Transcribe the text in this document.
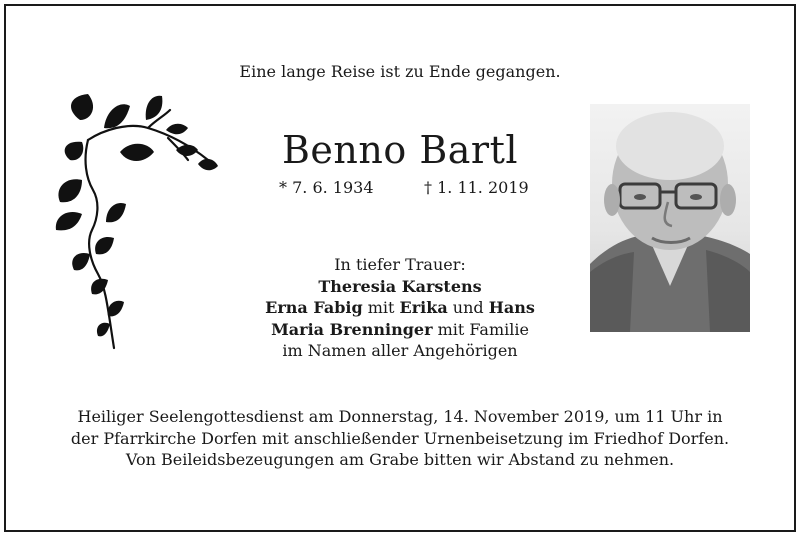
Eine lange Reise ist zu Ende gegangen.
Benno Bartl
* 7. 6. 1934	† 1. 11. 2019
In tiefer Trauer:
Theresia Karstens
Erna Fabig mit Erika und Hans
Maria Brenninger mit Familie
im Namen aller Angehörigen
Heiliger Seelengottesdienst am Donnerstag, 14. November 2019, um 11 Uhr in
der Pfarrkirche Dorfen mit anschließender Urnenbeisetzung im Friedhof Dorfen.
Von Beileidsbezeugungen am Grabe bitten wir Abstand zu nehmen.
